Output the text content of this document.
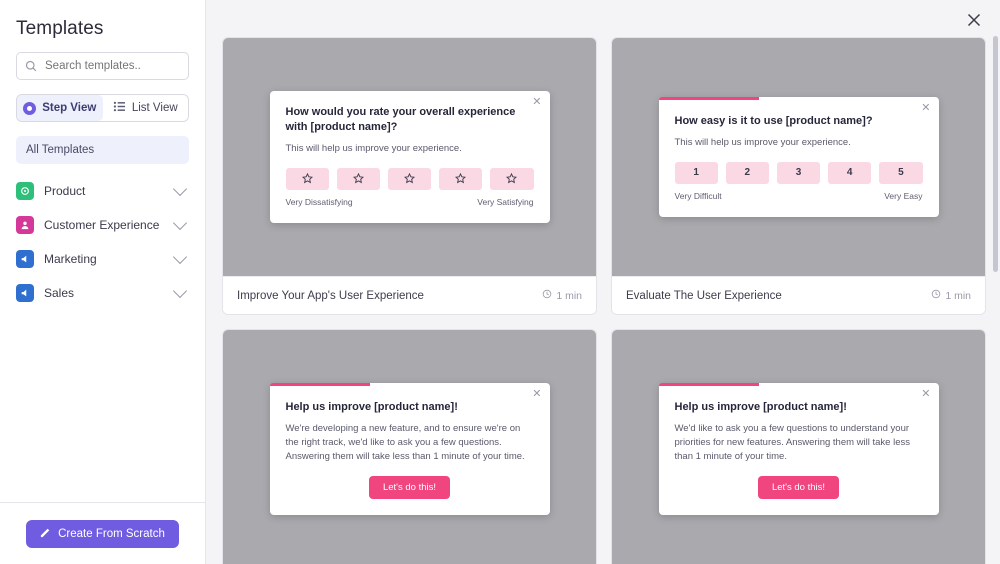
Templates
Search templates..
Step View	List View
All Templates
Product
Customer Experience
Marketing
Sales
Create From Scratch
✕
How would you rate your overall experience with [product name]?
This will help us improve your experience.
Very Dissatisfying	Very Satisfying
Improve Your App's User Experience	1 min
✕
How easy is it to use [product name]?
This will help us improve your experience.
1	2	3	4	5
Very Difficult	Very Easy
Evaluate The User Experience	1 min
✕
Help us improve [product name]!
We're developing a new feature, and to ensure we're on the right track, we'd like to ask you a few questions. Answering them will take less than 1 minute of your time.
Let's do this!
✕
Help us improve [product name]!
We'd like to ask you a few questions to understand your priorities for new features. Answering them will take less than 1 minute of your time.
Let's do this!
